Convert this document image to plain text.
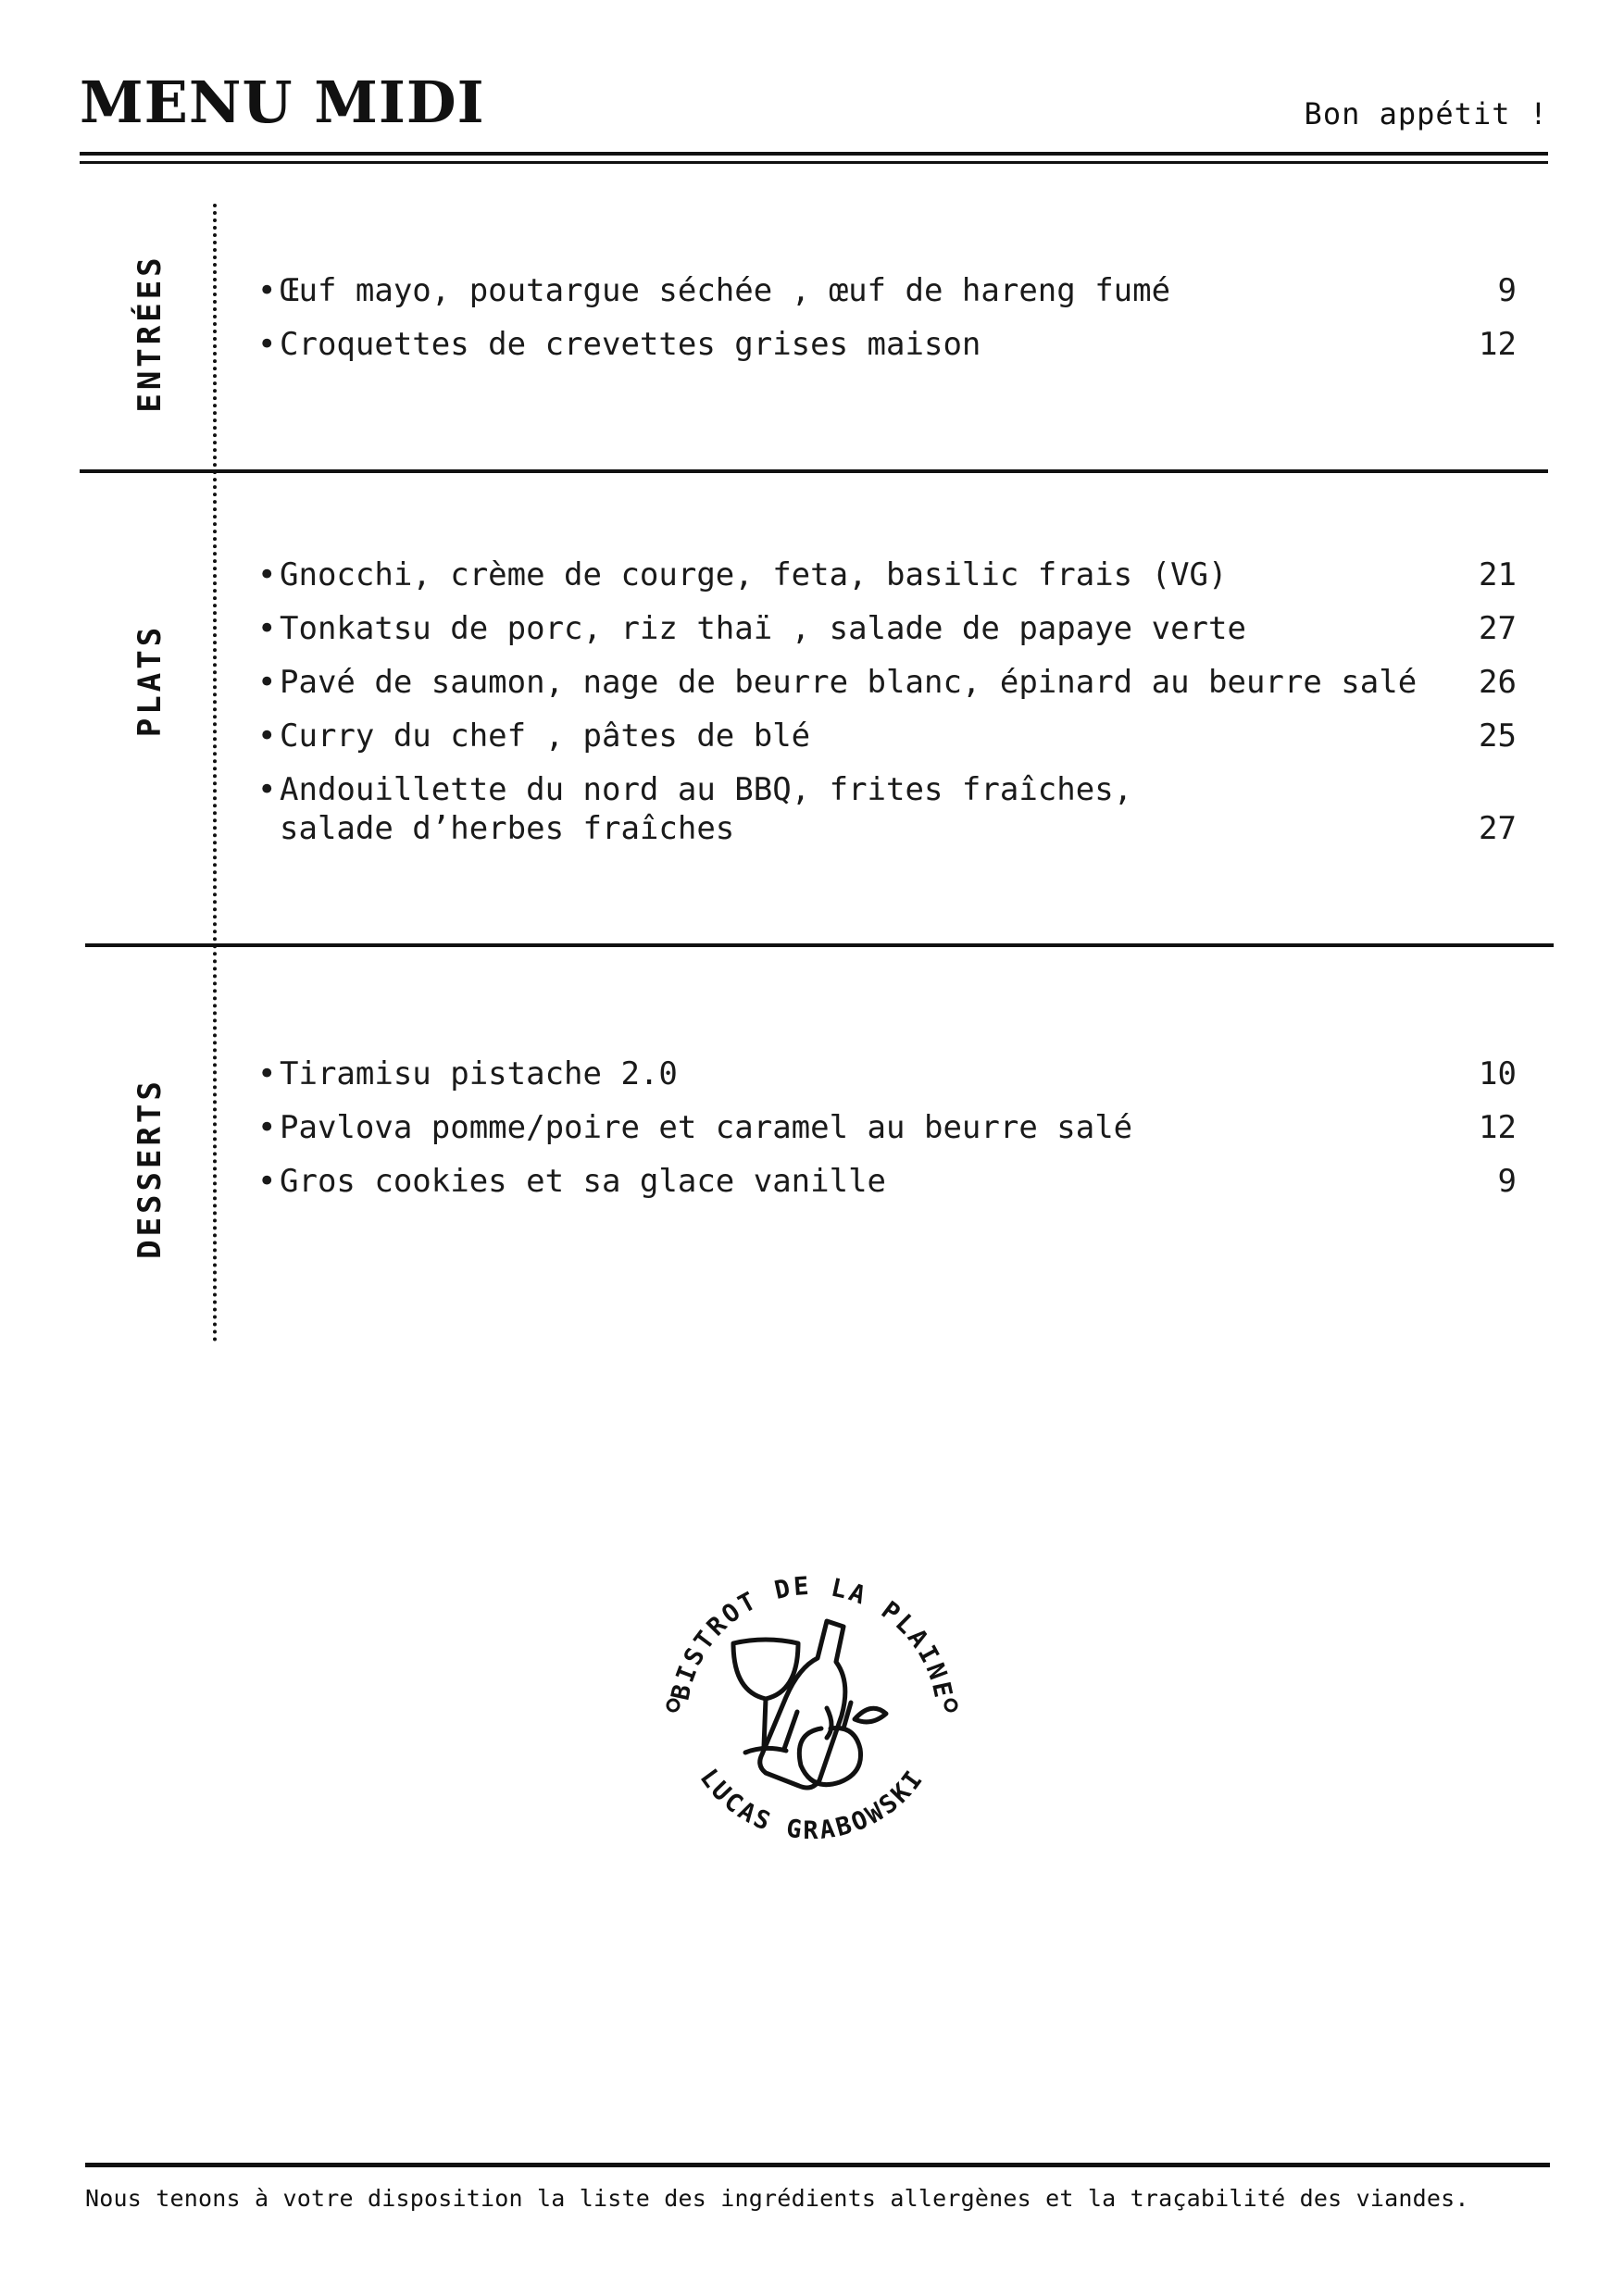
MENU MIDI	Bon appétit !
ENTRÉES	• Œuf mayo, poutargue séchée , œuf de hareng fumé	9
• Croquettes de crevettes grises maison	12
PLATS
• Gnocchi, crème de courge, feta, basilic frais (VG)	21
• Tonkatsu de porc, riz thaï , salade de papaye verte	27
• Pavé de saumon, nage de beurre blanc, épinard au beurre salé	26
• Curry du chef , pâtes de blé	25
• Andouillette du nord au BBQ, frites fraîches,
salade d’herbes fraîches	27
DESSERTS
• Tiramisu pistache 2.0	10
• Pavlova pomme/poire et caramel au beurre salé	12
• Gros cookies et sa glace vanille	9
BISTROT DE LA PLAINE
LUCAS GRABOWSKI
Nous tenons à votre disposition la liste des ingrédients allergènes et la traçabilité des viandes.
